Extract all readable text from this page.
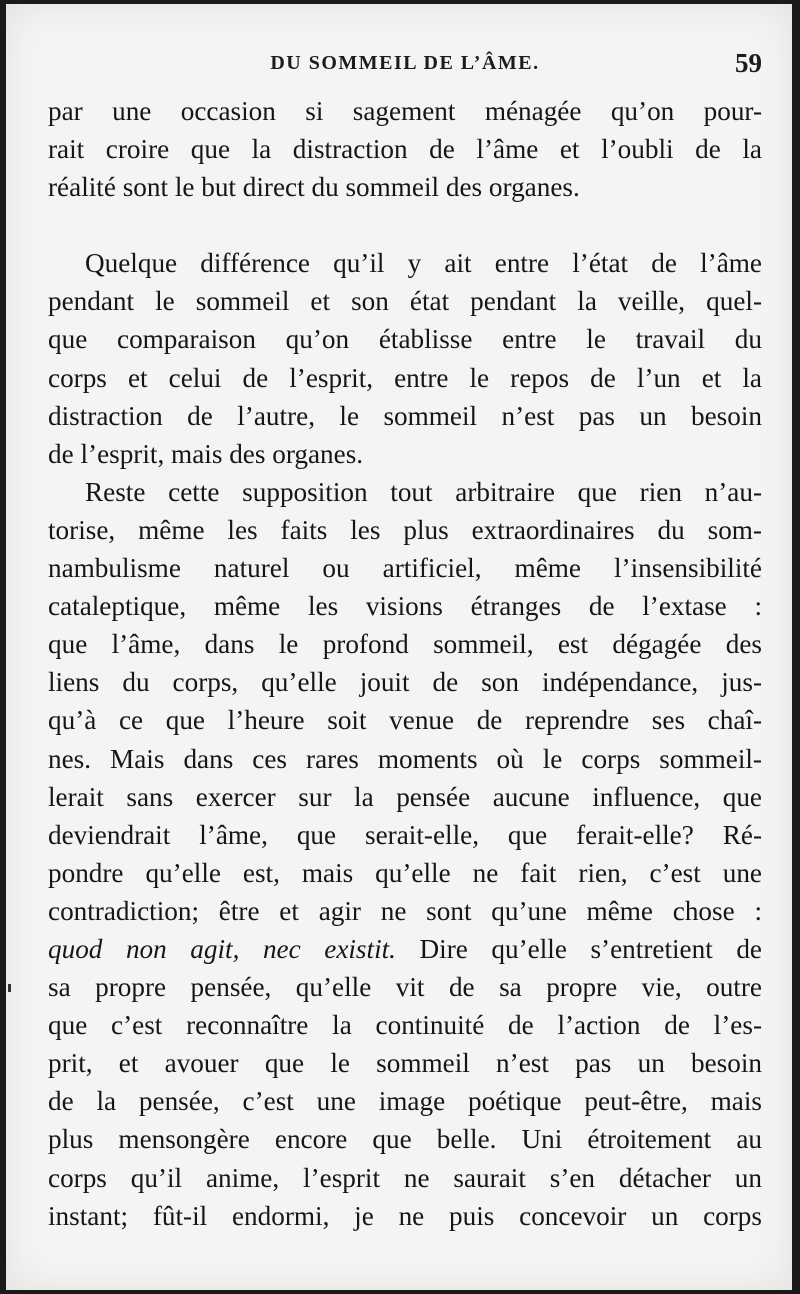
DU SOMMEIL DE L’ÂME.	59
par une occasion si sagement ménagée qu’on pour-
rait croire que la distraction de l’âme et l’oubli de la
réalité sont le but direct du sommeil des organes.
Quelque différence qu’il y ait entre l’état de l’âme
pendant le sommeil et son état pendant la veille, quel-
que comparaison qu’on établisse entre le travail du
corps et celui de l’esprit, entre le repos de l’un et la
distraction de l’autre, le sommeil n’est pas un besoin
de l’esprit, mais des organes.
Reste cette supposition tout arbitraire que rien n’au-
torise, même les faits les plus extraordinaires du som-
nambulisme naturel ou artificiel, même l’insensibilité
cataleptique, même les visions étranges de l’extase :
que l’âme, dans le profond sommeil, est dégagée des
liens du corps, qu’elle jouit de son indépendance, jus-
qu’à ce que l’heure soit venue de reprendre ses chaî-
nes. Mais dans ces rares moments où le corps sommeil-
lerait sans exercer sur la pensée aucune influence, que
deviendrait l’âme, que serait-elle, que ferait-elle? Ré-
pondre qu’elle est, mais qu’elle ne fait rien, c’est une
contradiction; être et agir ne sont qu’une même chose :
quod non agit, nec existit. Dire qu’elle s’entretient de
sa propre pensée, qu’elle vit de sa propre vie, outre
que c’est reconnaître la continuité de l’action de l’es-
prit, et avouer que le sommeil n’est pas un besoin
de la pensée, c’est une image poétique peut-être, mais
plus mensongère encore que belle. Uni étroitement au
corps qu’il anime, l’esprit ne saurait s’en détacher un
instant; fût-il endormi, je ne puis concevoir un corps
